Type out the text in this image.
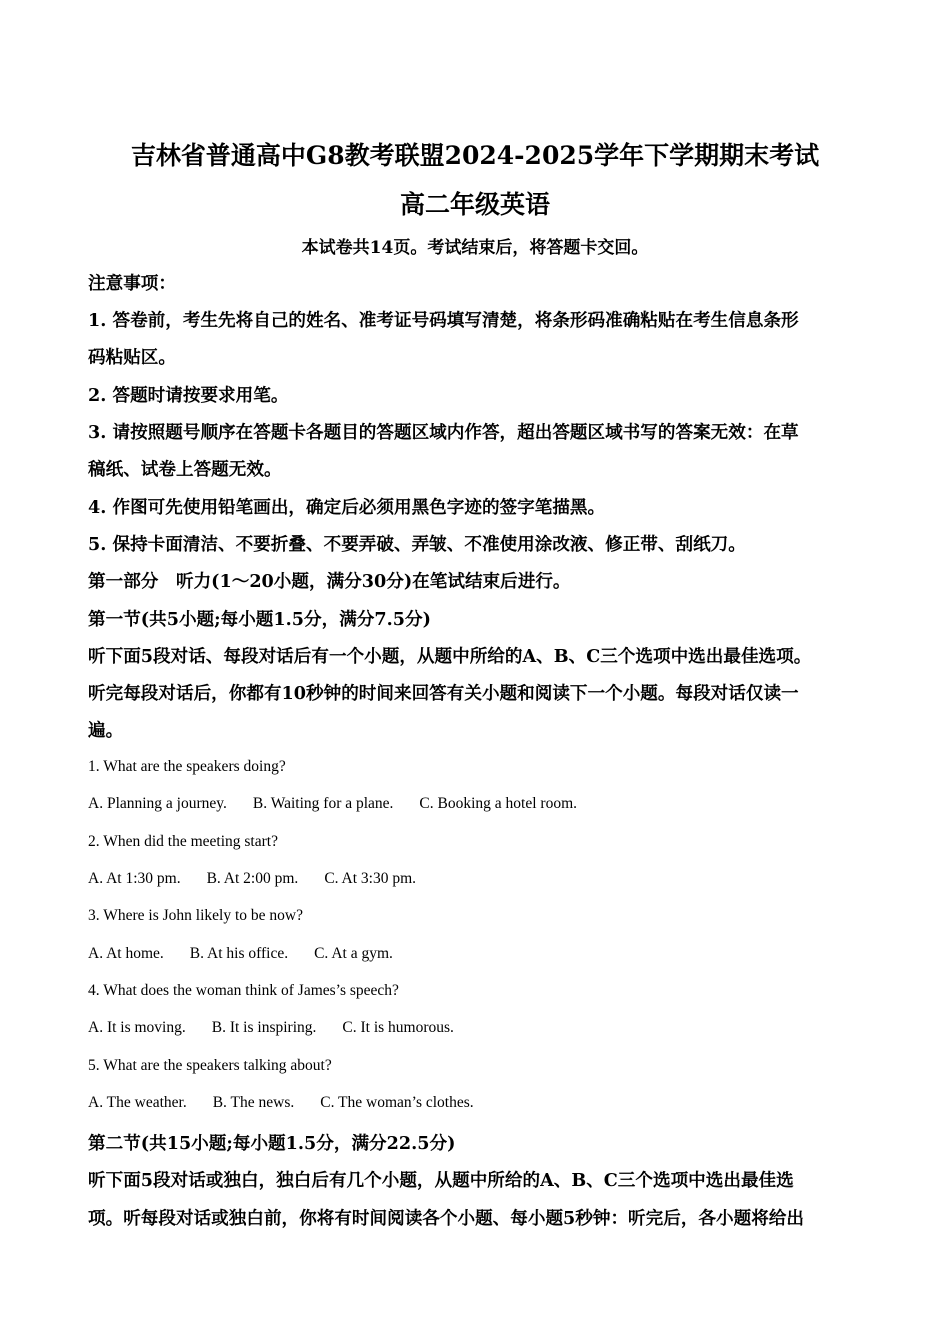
吉林省普通高中G8教考联盟2024-2025学年下学期期末考试
高二年级英语
本试卷共14页。考试结束后，将答题卡交回。
注意事项：
1. 答卷前，考生先将自己的姓名、准考证号码填写清楚，将条形码准确粘贴在考生信息条形
码粘贴区。
2. 答题时请按要求用笔。
3. 请按照题号顺序在答题卡各题目的答题区域内作答，超出答题区域书写的答案无效：在草
稿纸、试卷上答题无效。
4. 作图可先使用铅笔画出，确定后必须用黑色字迹的签字笔描黑。
5. 保持卡面清洁、不要折叠、不要弄破、弄皱、不准使用涂改液、修正带、刮纸刀。
第一部分　听力(1～20小题，满分30分)在笔试结束后进行。
第一节(共5小题;每小题1.5分，满分7.5分)
听下面5段对话、每段对话后有一个小题，从题中所给的A、B、C三个选项中选出最佳选项。
听完每段对话后，你都有10秒钟的时间来回答有关小题和阅读下一个小题。每段对话仅读一
遍。
1. What are the speakers doing?
A. Planning a journey. B. Waiting for a plane. C. Booking a hotel room.
2. When did the meeting start?
A. At 1:30 pm. B. At 2:00 pm. C. At 3:30 pm.
3. Where is John likely to be now?
A. At home. B. At his office. C. At a gym.
4. What does the woman think of James’s speech?
A. It is moving. B. It is inspiring. C. It is humorous.
5. What are the speakers talking about?
A. The weather. B. The news. C. The woman’s clothes.
第二节(共15小题;每小题1.5分，满分22.5分)
听下面5段对话或独白，独白后有几个小题，从题中所给的A、B、C三个选项中选出最佳选
项。听每段对话或独白前，你将有时间阅读各个小题、每小题5秒钟：听完后，各小题将给出
